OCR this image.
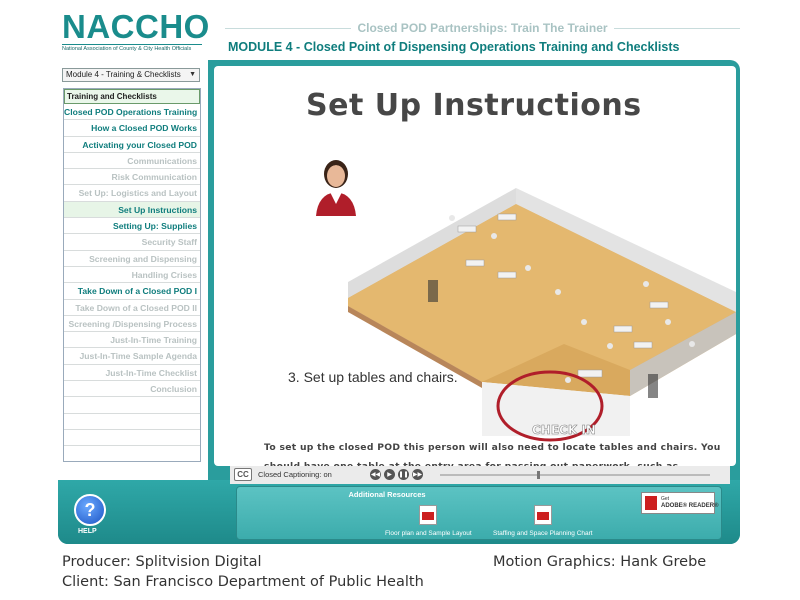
NACCHO
National Association of County & City Health Officials
Closed POD Partnerships: Train The Trainer
MODULE 4 - Closed Point of Dispensing Operations Training and Checklists
Module 4 - Training & Checklists ▼
Training and Checklists
Closed POD Operations Training
How a Closed POD Works
Activating your Closed POD
Communications
Risk Communication
Set Up: Logistics and Layout
Set Up Instructions
Setting Up: Supplies
Security Staff
Screening and Dispensing
Handling Crises
Take Down of a Closed POD I
Take Down of a Closed POD II
Screening /Dispensing Process
Just-In-Time Training
Just-In-Time Sample Agenda
Just-In-Time Checklist
Conclusion
?
HELP
Set Up Instructions
CHECK IN
3. Set up tables and chairs.
To set up the closed POD this person will also need to locate tables and chairs. You
CC	Closed Captioning: on	◀◀	▶	❚❚ ▶▶
Additional Resources
Floor plan and Sample Layout	Staffing and Space Planning Chart
Get
ADOBE® READER®
Producer: Splitvision Digital
Client: San Francisco Department of Public Health
Motion Graphics: Hank Grebe
